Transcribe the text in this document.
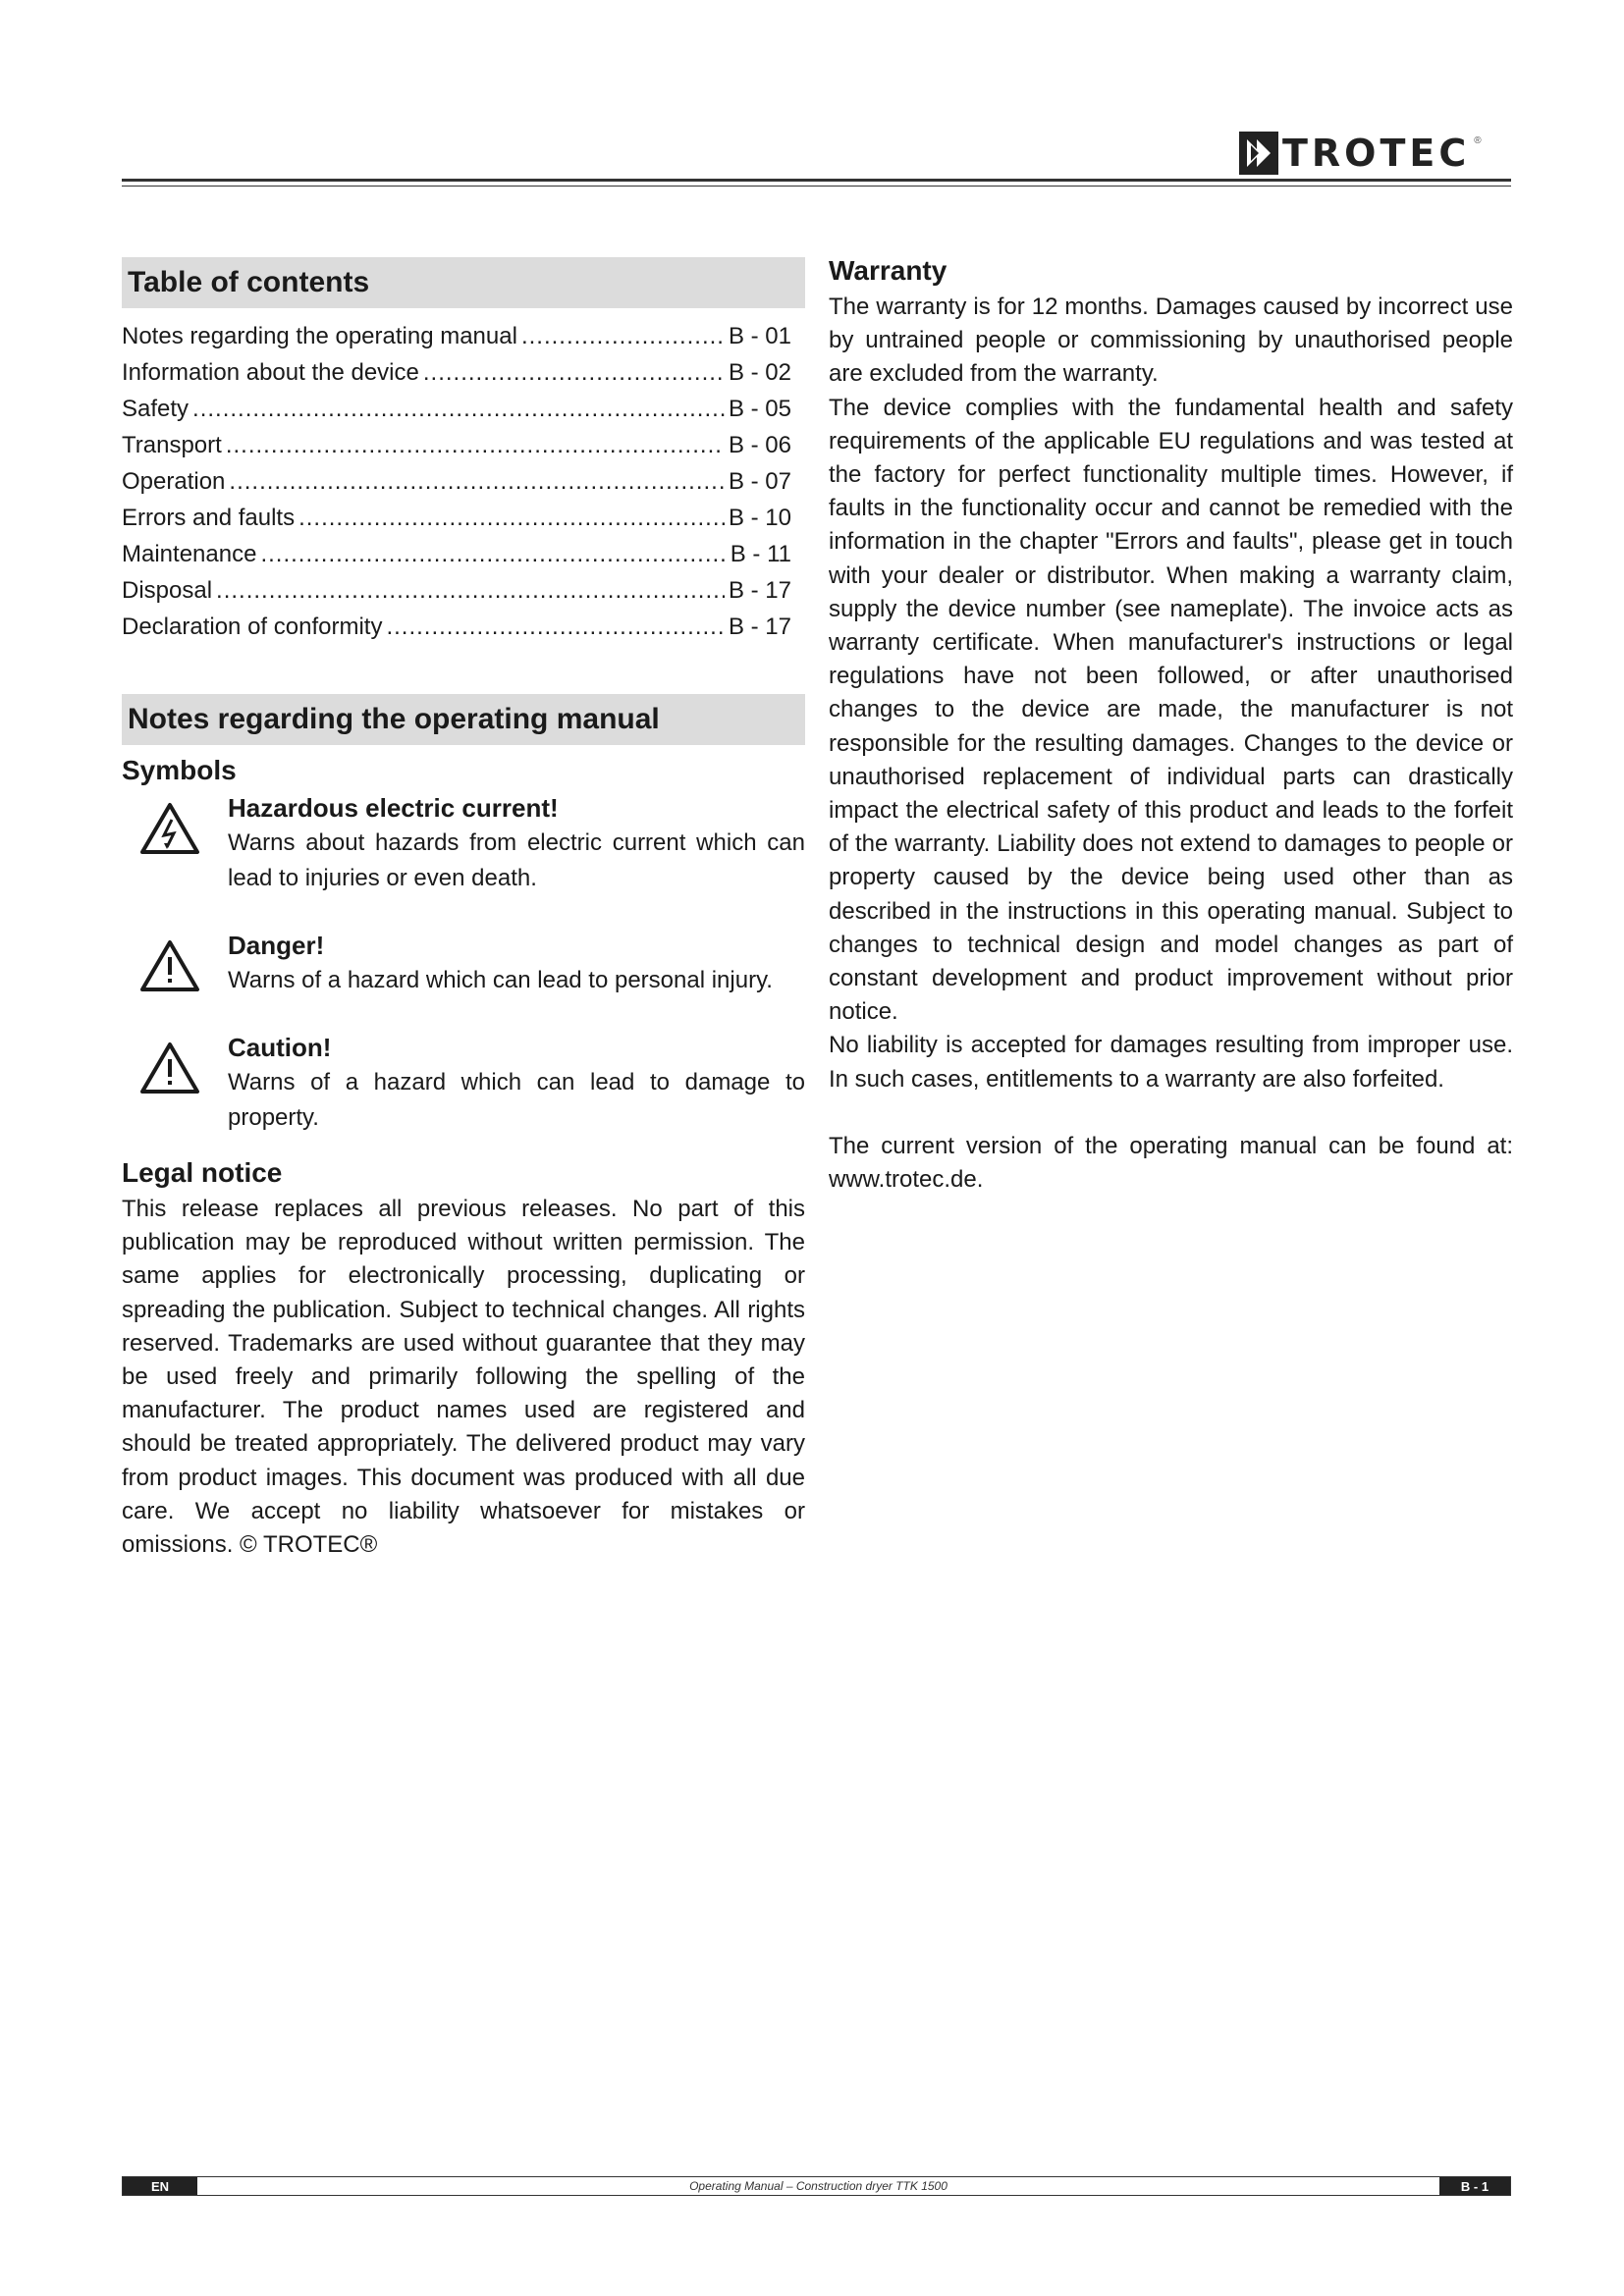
TROTEC ®
Table of contents
Notes regarding the operating manual .....	B - 01
Information about the device .....	B - 02
Safety .....	B - 05
Transport .....	B - 06
Operation .....	B - 07
Errors and faults .....	B - 10
Maintenance .....	B - 11
Disposal .....	B - 17
Declaration of conformity .....	B - 17
Notes regarding the operating manual

Symbols

Hazardous electric current!

Warns about hazards from electric current which can lead to injuries or even death.

Danger!

Warns of a hazard which can lead to personal injury.

Caution!

Warns of a hazard which can lead to damage to property.

Legal notice

This release replaces all previous releases. No part of this publication may be reproduced without written permission. The same applies for electronically processing, duplicating or spreading the publication. Subject to technical changes. All rights reserved. Trademarks are used without guarantee that they may be used freely and primarily following the spelling of the manufacturer. The product names used are registered and should be treated appropriately. The delivered product may vary from product images. This document was produced with all due care. We accept no liability whatsoever for mistakes or omissions. © TROTEC®

Warranty

The warranty is for 12 months. Damages caused by incorrect use by untrained people or commissioning by unauthorised people are excluded from the warranty.

The device complies with the fundamental health and safety requirements of the applicable EU regulations and was tested at the factory for perfect functionality multiple times. However, if faults in the functionality occur and cannot be remedied with the information in the chapter "Errors and faults", please get in touch with your dealer or distributor. When making a warranty claim, supply the device number (see nameplate). The invoice acts as warranty certificate. When manufacturer's instructions or legal regulations have not been followed, or after unauthorised changes to the device are made, the manufacturer is not responsible for the resulting damages. Changes to the device or unauthorised replacement of individual parts can drastically impact the electrical safety of this product and leads to the forfeit of the warranty. Liability does not extend to damages to people or property caused by the device being used other than as described in the instructions in this operating manual. Subject to changes to technical design and model changes as part of constant development and product improvement without prior notice.

No liability is accepted for damages resulting from improper use. In such cases, entitlements to a warranty are also forfeited.

The current version of the operating manual can be found at: www.trotec.de.

EN	Operating Manual – Construction dryer TTK 1500	B - 1
